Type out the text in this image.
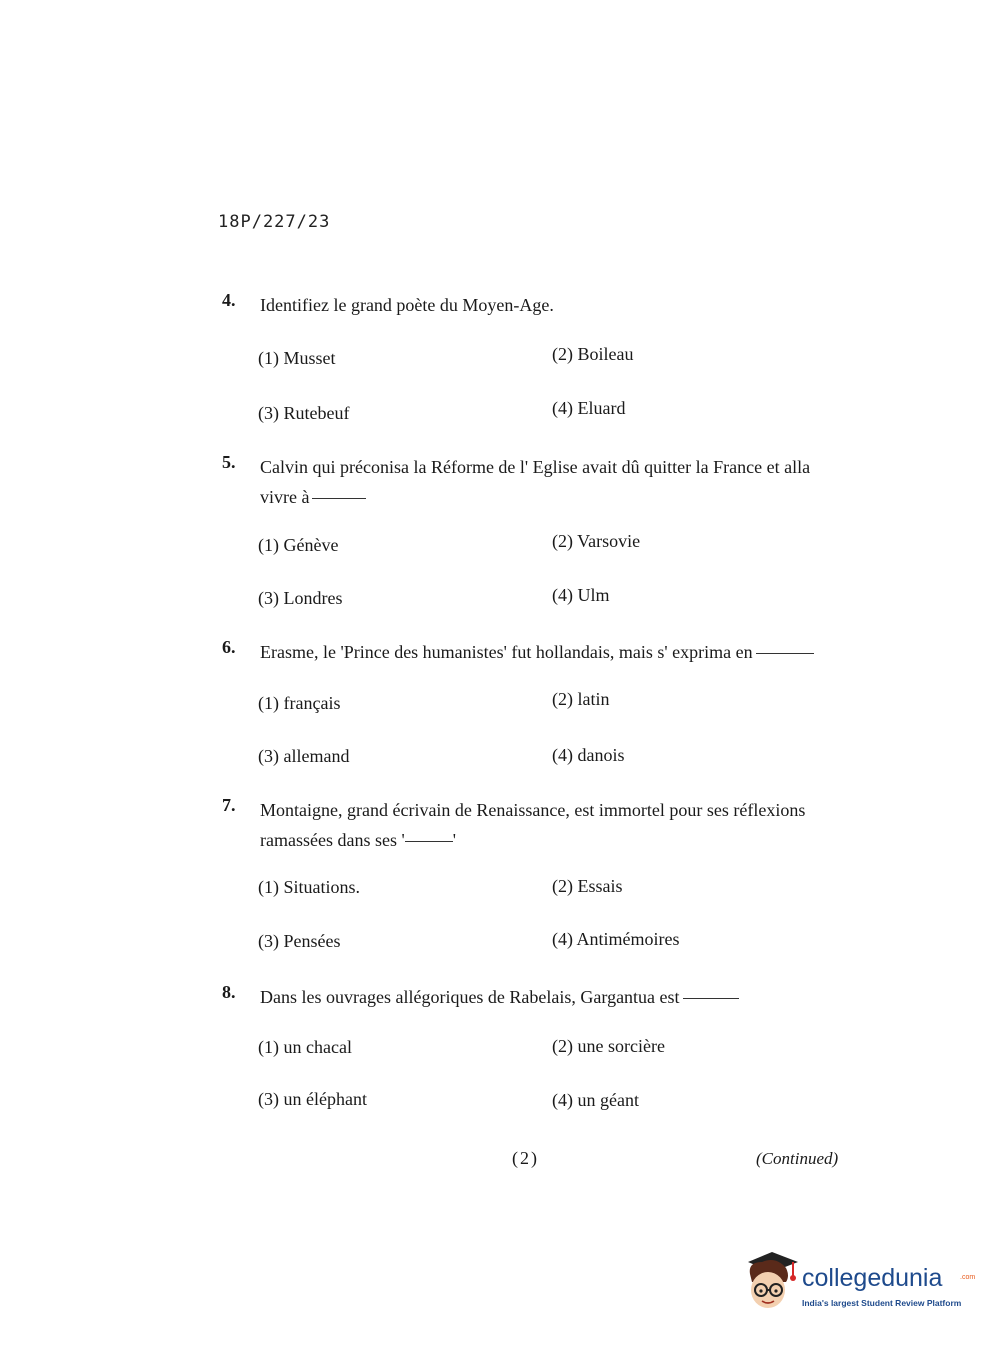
18P/227/23
4. Identifiez le grand poète du Moyen-Age.
(1) Musset	(2) Boileau
(3) Rutebeuf	(4) Eluard
5. Calvin qui préconisa la Réforme de l' Eglise avait dû quitter la France et alla
vivre à
(1) Génève	(2) Varsovie
(3) Londres	(4) Ulm
6. Erasme, le 'Prince des humanistes' fut hollandais, mais s' exprima en
(1) français	(2) latin
(3) allemand	(4) danois
7. Montaigne, grand écrivain de Renaissance, est immortel pour ses réflexions
ramassées dans ses '	'
(1) Situations.	(2) Essais
(3) Pensées	(4) Antimémoires
8. Dans les ouvrages allégoriques de Rabelais, Gargantua est
(1) un chacal	(2) une sorcière
(3) un éléphant	(4) un géant
(2)	(Continued)
collegedunia	.com
India's largest Student Review Platform
